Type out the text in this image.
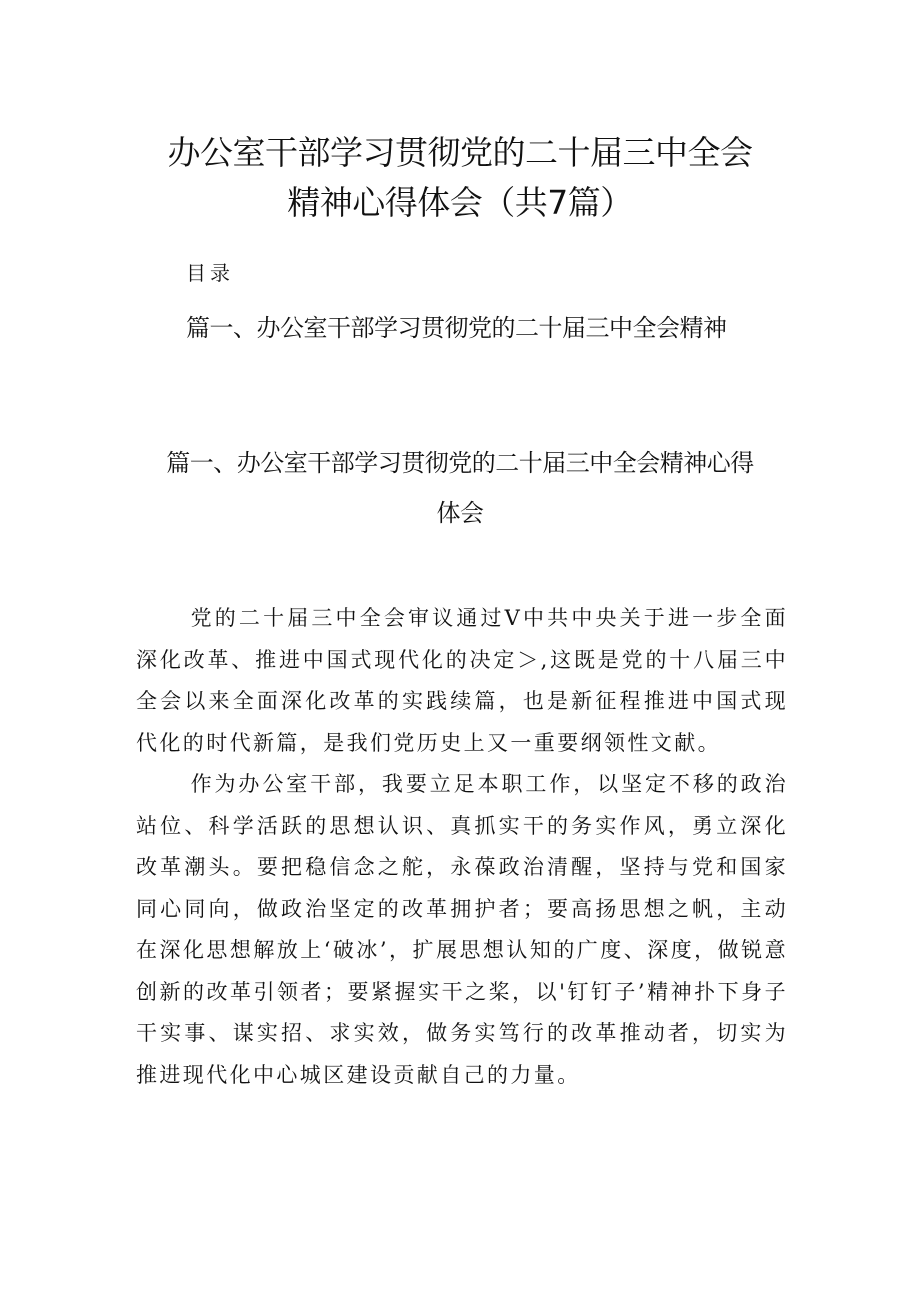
办公室干部学习贯彻党的二十届三中全会
精神心得体会（共7篇）

目录

篇一、办公室干部学习贯彻党的二十届三中全会精神

篇一、办公室干部学习贯彻党的二十届三中全会精神心得
体会

党的二十届三中全会审议通过V中共中央关于进一步全面深化改革、推进中国式现代化的决定＞,这既是党的十八届三中全会以来全面深化改革的实践续篇，也是新征程推进中国式现代化的时代新篇，是我们党历史上又一重要纲领性文献。

作为办公室干部，我要立足本职工作，以坚定不移的政治站位、科学活跃的思想认识、真抓实干的务实作风，勇立深化改革潮头。要把稳信念之舵，永葆政治清醒，坚持与党和国家同心同向，做政治坚定的改革拥护者；要高扬思想之帆，主动在深化思想解放上‘破冰’，扩展思想认知的广度、深度，做锐意创新的改革引领者；要紧握实干之桨，以'钉钉子’精神扑下身子干实事、谋实招、求实效，做务实笃行的改革推动者，切实为推进现代化中心城区建设贡献自己的力量。
